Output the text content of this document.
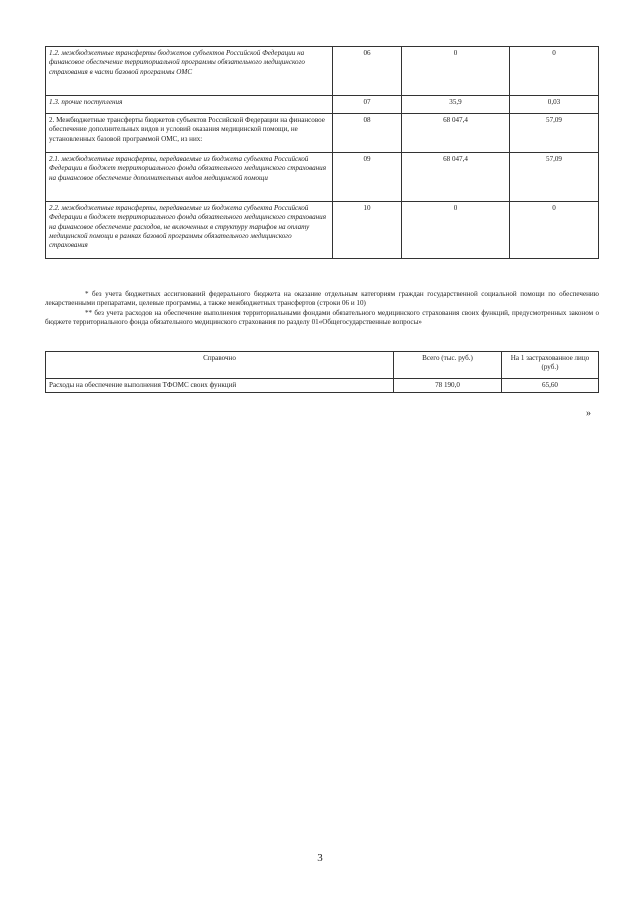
1.2. межбюджетные трансферты бюджетов субъектов Российской Федерации на финансовое обеспечение территориальной программы обязательного медицинского страхования в части базовой программы ОМС	06	0	0
1.3. прочие поступления	07	35,9	0,03
2. Межбюджетные трансферты бюджетов субъектов Российской Федерации на финансовое обеспечение дополнительных видов и условий оказания медицинской помощи, не установленных базовой программой ОМС, из них:	08	68 047,4	57,09
2.1. межбюджетные трансферты, передаваемые из бюджета субъекта Российской Федерации в бюджет территориального фонда обязательного медицинского страхования на финансовое обеспечение дополнительных видов медицинской помощи	09	68 047,4	57,09
2.2. межбюджетные трансферты, передаваемые из бюджета субъекта Российской Федерации в бюджет территориального фонда обязательного медицинского страхования на финансовое обеспечение расходов, не включенных в структуру тарифов на оплату медицинской помощи в рамках базовой программы обязательного медицинского страхования	10	0	0

* без учета бюджетных ассигнований федерального бюджета на оказание отдельным категориям граждан государственной социальной помощи по обеспечению лекарственными препаратами, целевые программы, а также межбюджетных трансфертов (строки 06 и 10)

** без учета расходов на обеспечение выполнения территориальными фондами обязательного медицинского страхования своих функций, предусмотренных законом о бюджете территориального фонда обязательного медицинского страхования по разделу 01«Общегосударственные вопросы»

Справочно	Всего (тыс. руб.)	На 1 застрахованное лицо (руб.)
Расходы на обеспечение выполнения ТФОМС своих функций	78 190,0	65,60
»
3
